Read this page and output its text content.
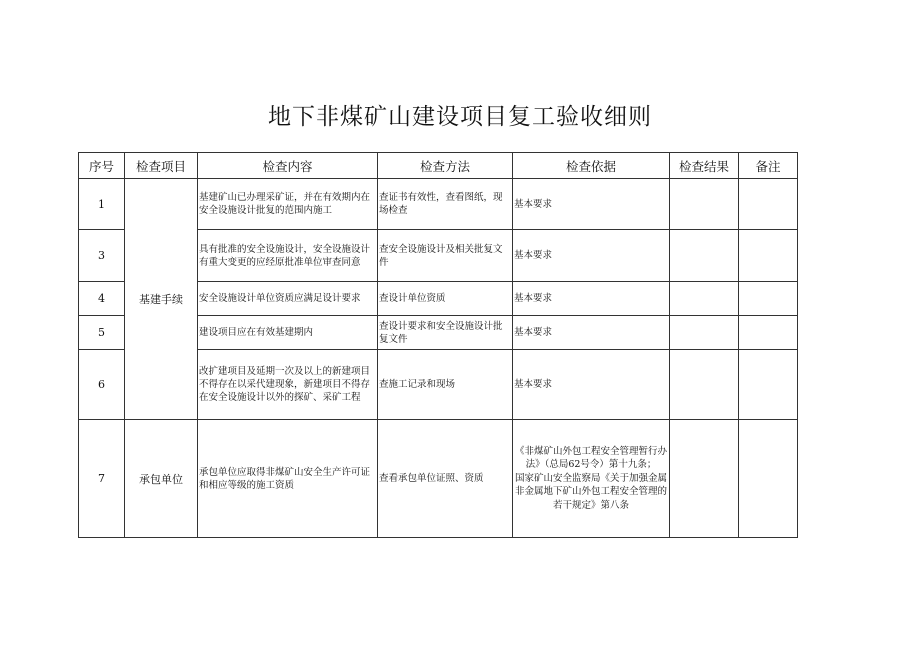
地下非煤矿山建设项目复工验收细则
序号	检查项目	检查内容	检查方法	检查依据	检查结果	备注
1	基建手续	基建矿山已办理采矿证，并在有效期内在安全设施设计批复的范围内施工	查证书有效性，查看图纸，现场检查	基本要求		
3		具有批准的安全设施设计，安全设施设计有重大变更的应经原批准单位审查同意	查安全设施设计及相关批复文件	基本要求		
4		安全设施设计单位资质应满足设计要求	查设计单位资质	基本要求		
5		建设项目应在有效基建期内	查设计要求和安全设施设计批复文件	基本要求		
6		改扩建项目及延期一次及以上的新建项目不得存在以采代建现象，新建项目不得存在安全设施设计以外的探矿、采矿工程	查施工记录和现场	基本要求		
7	承包单位	承包单位应取得非煤矿山安全生产许可证和相应等级的施工资质	查看承包单位证照、资质	《非煤矿山外包工程安全管理暂行办法》（总局62号令）第十九条；
国家矿山安全监察局《关于加强金属非金属地下矿山外包工程安全管理的若干规定》第八条		
